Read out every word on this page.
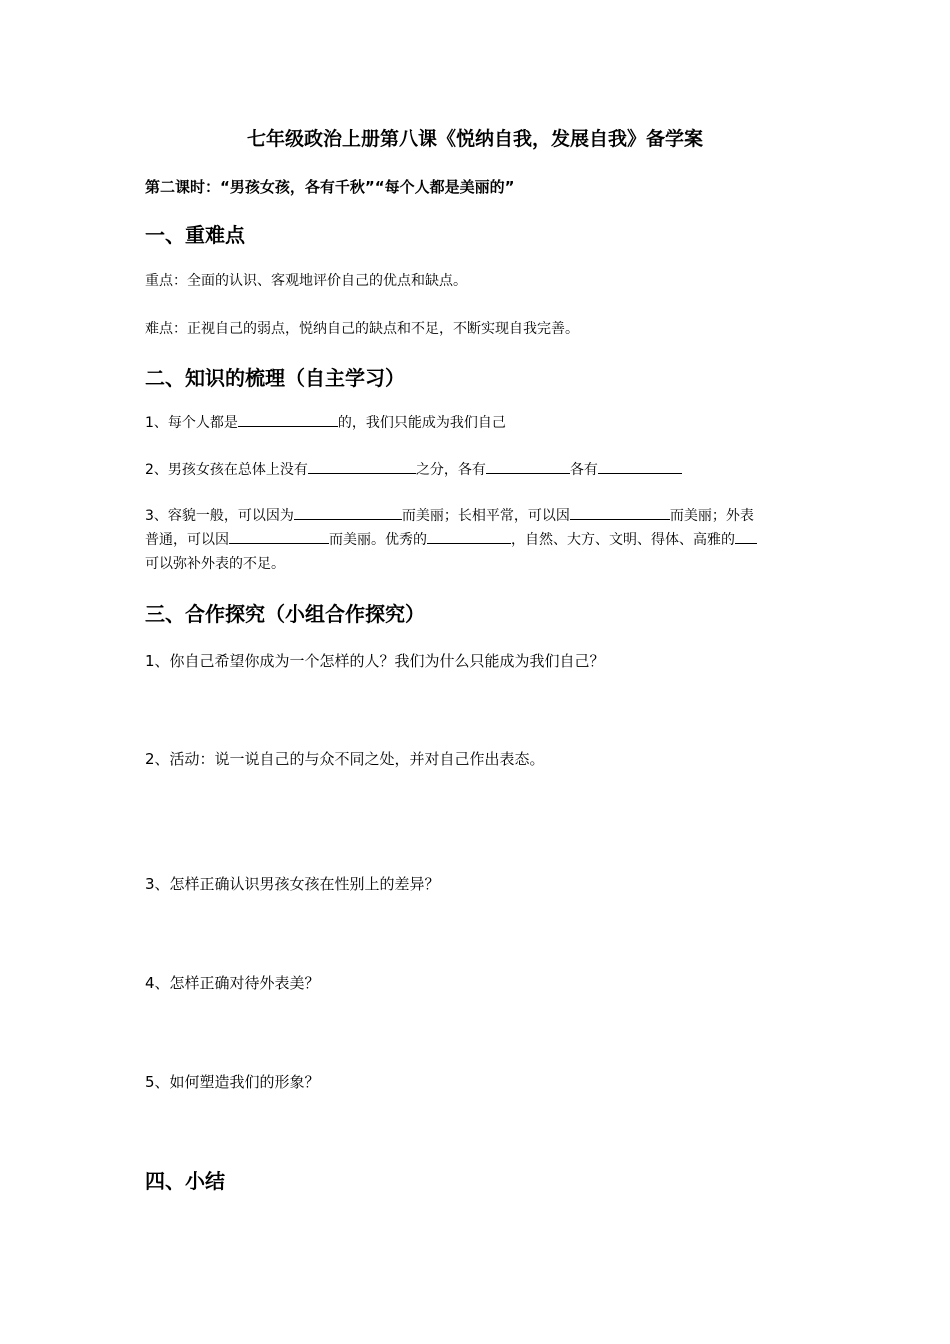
七年级政治上册第八课《悦纳自我，发展自我》备学案
第二课时：“男孩女孩，各有千秋”“每个人都是美丽的”
一、重难点
重点：全面的认识、客观地评价自己的优点和缺点。
难点：正视自己的弱点，悦纳自己的缺点和不足，不断实现自我完善。
二、知识的梳理（自主学习）
1、每个人都是	的，我们只能成为我们自己
2、男孩女孩在总体上没有	之分，各有	各有
3、容貌一般，可以因为	而美丽；长相平常，可以因	而美丽；外表
普通，可以因	而美丽。优秀的	，自然、大方、文明、得体、高雅的
可以弥补外表的不足。
三、合作探究（小组合作探究）
1、你自己希望你成为一个怎样的人？我们为什么只能成为我们自己？
2、活动：说一说自己的与众不同之处，并对自己作出表态。
3、怎样正确认识男孩女孩在性别上的差异？
4、怎样正确对待外表美？
5、如何塑造我们的形象？
四、小结
